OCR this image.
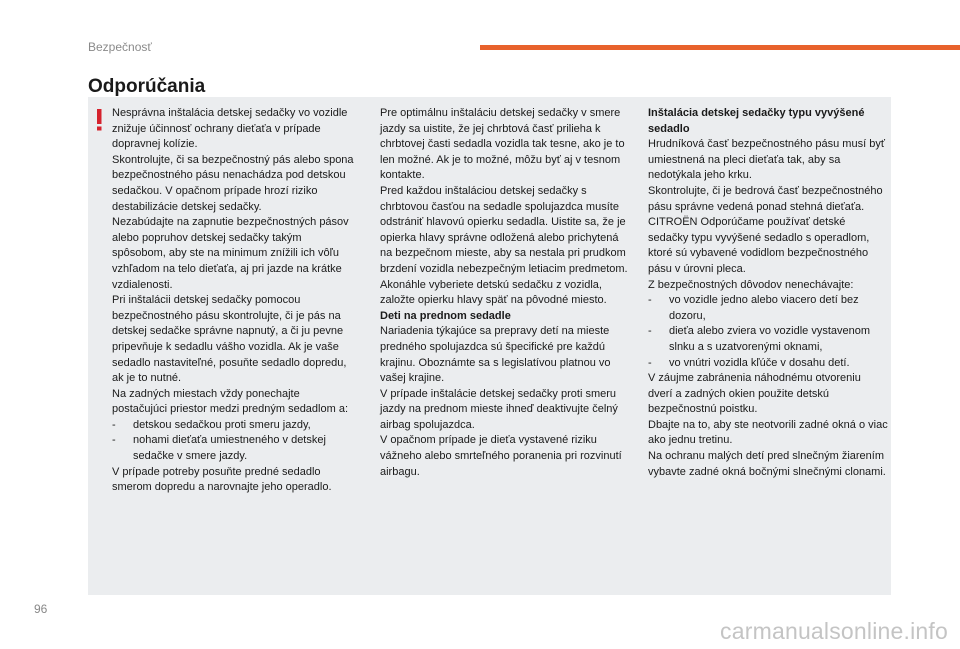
Bezpečnosť
Odporúčania

Nesprávna inštalácia detskej sedačky vo vozidle znižuje účinnosť ochrany dieťaťa v prípade dopravnej kolízie.

Skontrolujte, či sa bezpečnostný pás alebo spona bezpečnostného pásu nenachádza pod detskou sedačkou. V opačnom prípade hrozí riziko destabilizácie detskej sedačky.

Nezabúdajte na zapnutie bezpečnostných pásov alebo popruhov detskej sedačky takým spôsobom, aby ste na minimum znížili ich vôľu vzhľadom na telo dieťaťa, aj pri jazde na krátke vzdialenosti.

Pri inštalácii detskej sedačky pomocou bezpečnostného pásu skontrolujte, či je pás na detskej sedačke správne napnutý, a či ju pevne pripevňuje k sedadlu vášho vozidla. Ak je vaše sedadlo nastaviteľné, posuňte sedadlo dopredu, ak je to nutné.

Na zadných miestach vždy ponechajte postačujúci priestor medzi predným sedadlom a:

-	detskou sedačkou proti smeru jazdy,
-	nohami dieťaťa umiestneného v detskej sedačke v smere jazdy.

V prípade potreby posuňte predné sedadlo smerom dopredu a narovnajte jeho operadlo.

Pre optimálnu inštaláciu detskej sedačky v smere jazdy sa uistite, že jej chrbtová časť prilieha k chrbtovej časti sedadla vozidla tak tesne, ako je to len možné. Ak je to možné, môžu byť aj v tesnom kontakte.

Pred každou inštaláciou detskej sedačky s chrbtovou časťou na sedadle spolujazdca musíte odstrániť hlavovú opierku sedadla. Uistite sa, že je opierka hlavy správne odložená alebo prichytená na bezpečnom mieste, aby sa nestala pri prudkom brzdení vozidla nebezpečným letiacim predmetom. Akonáhle vyberiete detskú sedačku z vozidla, založte opierku hlavy späť na pôvodné miesto.

Deti na prednom sedadle

Nariadenia týkajúce sa prepravy detí na mieste predného spolujazdca sú špecifické pre každú krajinu. Oboznámte sa s legislatívou platnou vo vašej krajine.

V prípade inštalácie detskej sedačky proti smeru jazdy na prednom mieste ihneď deaktivujte čelný airbag spolujazdca.

V opačnom prípade je dieťa vystavené riziku vážneho alebo smrteľného poranenia pri rozvinutí airbagu.

Inštalácia detskej sedačky typu vyvýšené sedadlo

Hrudníková časť bezpečnostného pásu musí byť umiestnená na pleci dieťaťa tak, aby sa nedotýkala jeho krku.

Skontrolujte, či je bedrová časť bezpečnostného pásu správne vedená ponad stehná dieťaťa.

CITROËN Odporúčame používať detské sedačky typu vyvýšené sedadlo s operadlom, ktoré sú vybavené vodidlom bezpečnostného pásu v úrovni pleca.

Z bezpečnostných dôvodov nenechávajte:

-	vo vozidle jedno alebo viacero detí bez dozoru,
-	dieťa alebo zviera vo vozidle vystavenom slnku a s uzatvorenými oknami,
-	vo vnútri vozidla kľúče v dosahu detí.

V záujme zabránenia náhodnému otvoreniu dverí a zadných okien použite detskú bezpečnostnú poistku.

Dbajte na to, aby ste neotvorili zadné okná o viac ako jednu tretinu.

Na ochranu malých detí pred slnečným žiarením vybavte zadné okná bočnými slnečnými clonami.

96
carmanualsonline.info
